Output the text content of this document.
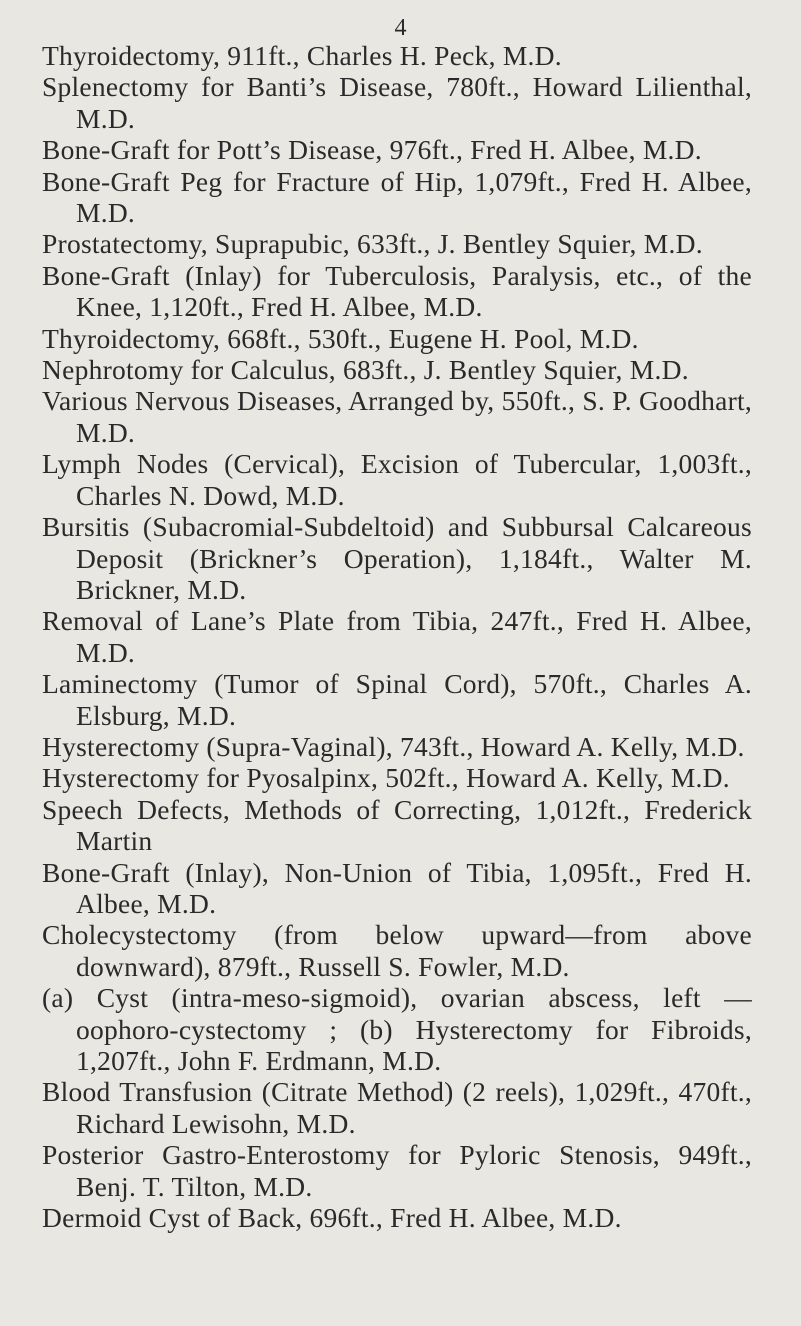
4
Thyroidectomy, 911ft., Charles H. Peck, M.D.
Splenectomy for Banti’s Disease, 780ft., Howard Lilienthal, M.D.
Bone-Graft for Pott’s Disease, 976ft., Fred H. Albee, M.D.
Bone-Graft Peg for Fracture of Hip, 1,079ft., Fred H. Albee, M.D.
Prostatectomy, Suprapubic, 633ft., J. Bentley Squier, M.D.
Bone-Graft (Inlay) for Tuberculosis, Paralysis, etc., of the Knee, 1,120ft., Fred H. Albee, M.D.
Thyroidectomy, 668ft., 530ft., Eugene H. Pool, M.D.
Nephrotomy for Calculus, 683ft., J. Bentley Squier, M.D.
Various Nervous Diseases, Arranged by, 550ft., S. P. Goodhart, M.D.
Lymph Nodes (Cervical), Excision of Tubercular, 1,003ft., Charles N. Dowd, M.D.
Bursitis (Subacromial-Subdeltoid) and Subbursal Calcareous Deposit (Brickner’s Operation), 1,184ft., Walter M. Brickner, M.D.
Removal of Lane’s Plate from Tibia, 247ft., Fred H. Albee, M.D.
Laminectomy (Tumor of Spinal Cord), 570ft., Charles A. Elsburg, M.D.
Hysterectomy (Supra-Vaginal), 743ft., Howard A. Kelly, M.D.
Hysterectomy for Pyosalpinx, 502ft., Howard A. Kelly, M.D.
Speech Defects, Methods of Correcting, 1,012ft., Frederick Martin
Bone-Graft (Inlay), Non-Union of Tibia, 1,095ft., Fred H. Albee, M.D.
Cholecystectomy (from below upward—from above downward), 879ft., Russell S. Fowler, M.D.
(a) Cyst (intra-meso-sigmoid), ovarian abscess, left —oophoro-cystectomy ; (b) Hysterectomy for Fibroids, 1,207ft., John F. Erdmann, M.D.
Blood Transfusion (Citrate Method) (2 reels), 1,029ft., 470ft., Richard Lewisohn, M.D.
Posterior Gastro-Enterostomy for Pyloric Stenosis, 949ft., Benj. T. Tilton, M.D.
Dermoid Cyst of Back, 696ft., Fred H. Albee, M.D.
